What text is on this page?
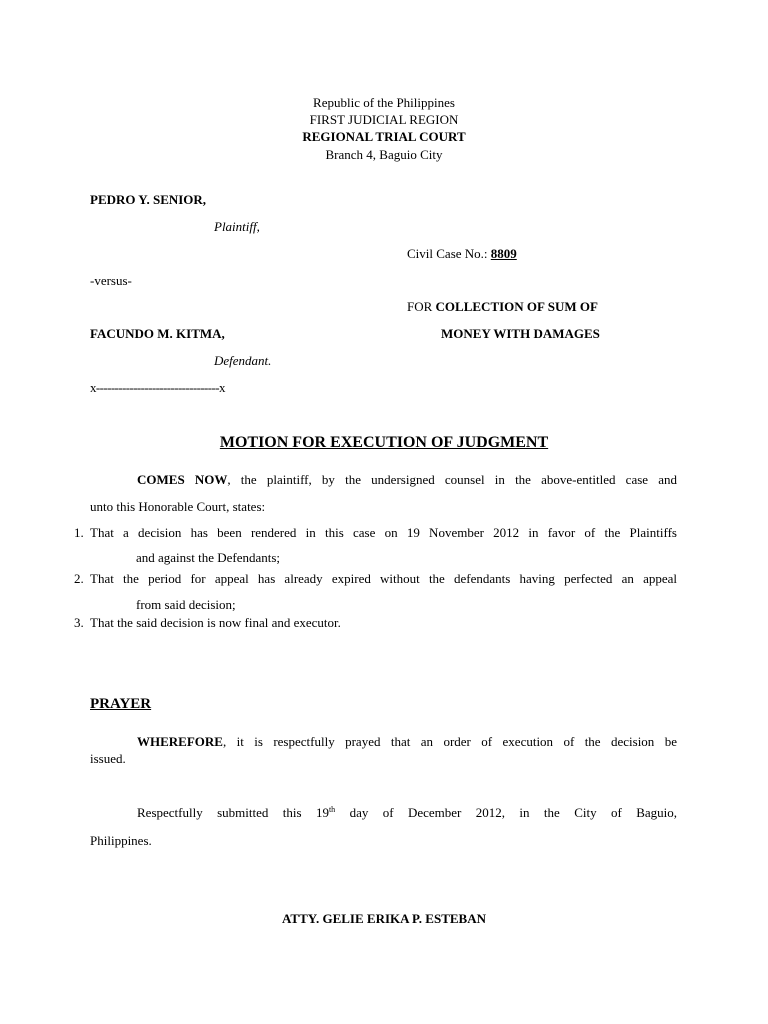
Republic of the Philippines
FIRST JUDICIAL REGION
REGIONAL TRIAL COURT
Branch 4, Baguio City
PEDRO Y. SENIOR,
Plaintiff,
Civil Case No.: 8809
-versus-
FOR COLLECTION OF SUM OF
FACUNDO M. KITMA,	MONEY WITH DAMAGES
Defendant.
x---------------------------------x
MOTION FOR EXECUTION OF JUDGMENT
COMES NOW, the plaintiff, by the undersigned counsel in the above-entitled case and
unto this Honorable Court, states:
1. That a decision has been rendered in this case on 19 November 2012 in favor of the Plaintiffs
and against the Defendants;
2. That the period for appeal has already expired without the defendants having perfected an appeal
from said decision;
3. That the said decision is now final and executor.
PRAYER
WHEREFORE, it is respectfully prayed that an order of execution of the decision be
issued.
Respectfully submitted this 19th day of December 2012, in the City of Baguio,
Philippines.
ATTY. GELIE ERIKA P. ESTEBAN
